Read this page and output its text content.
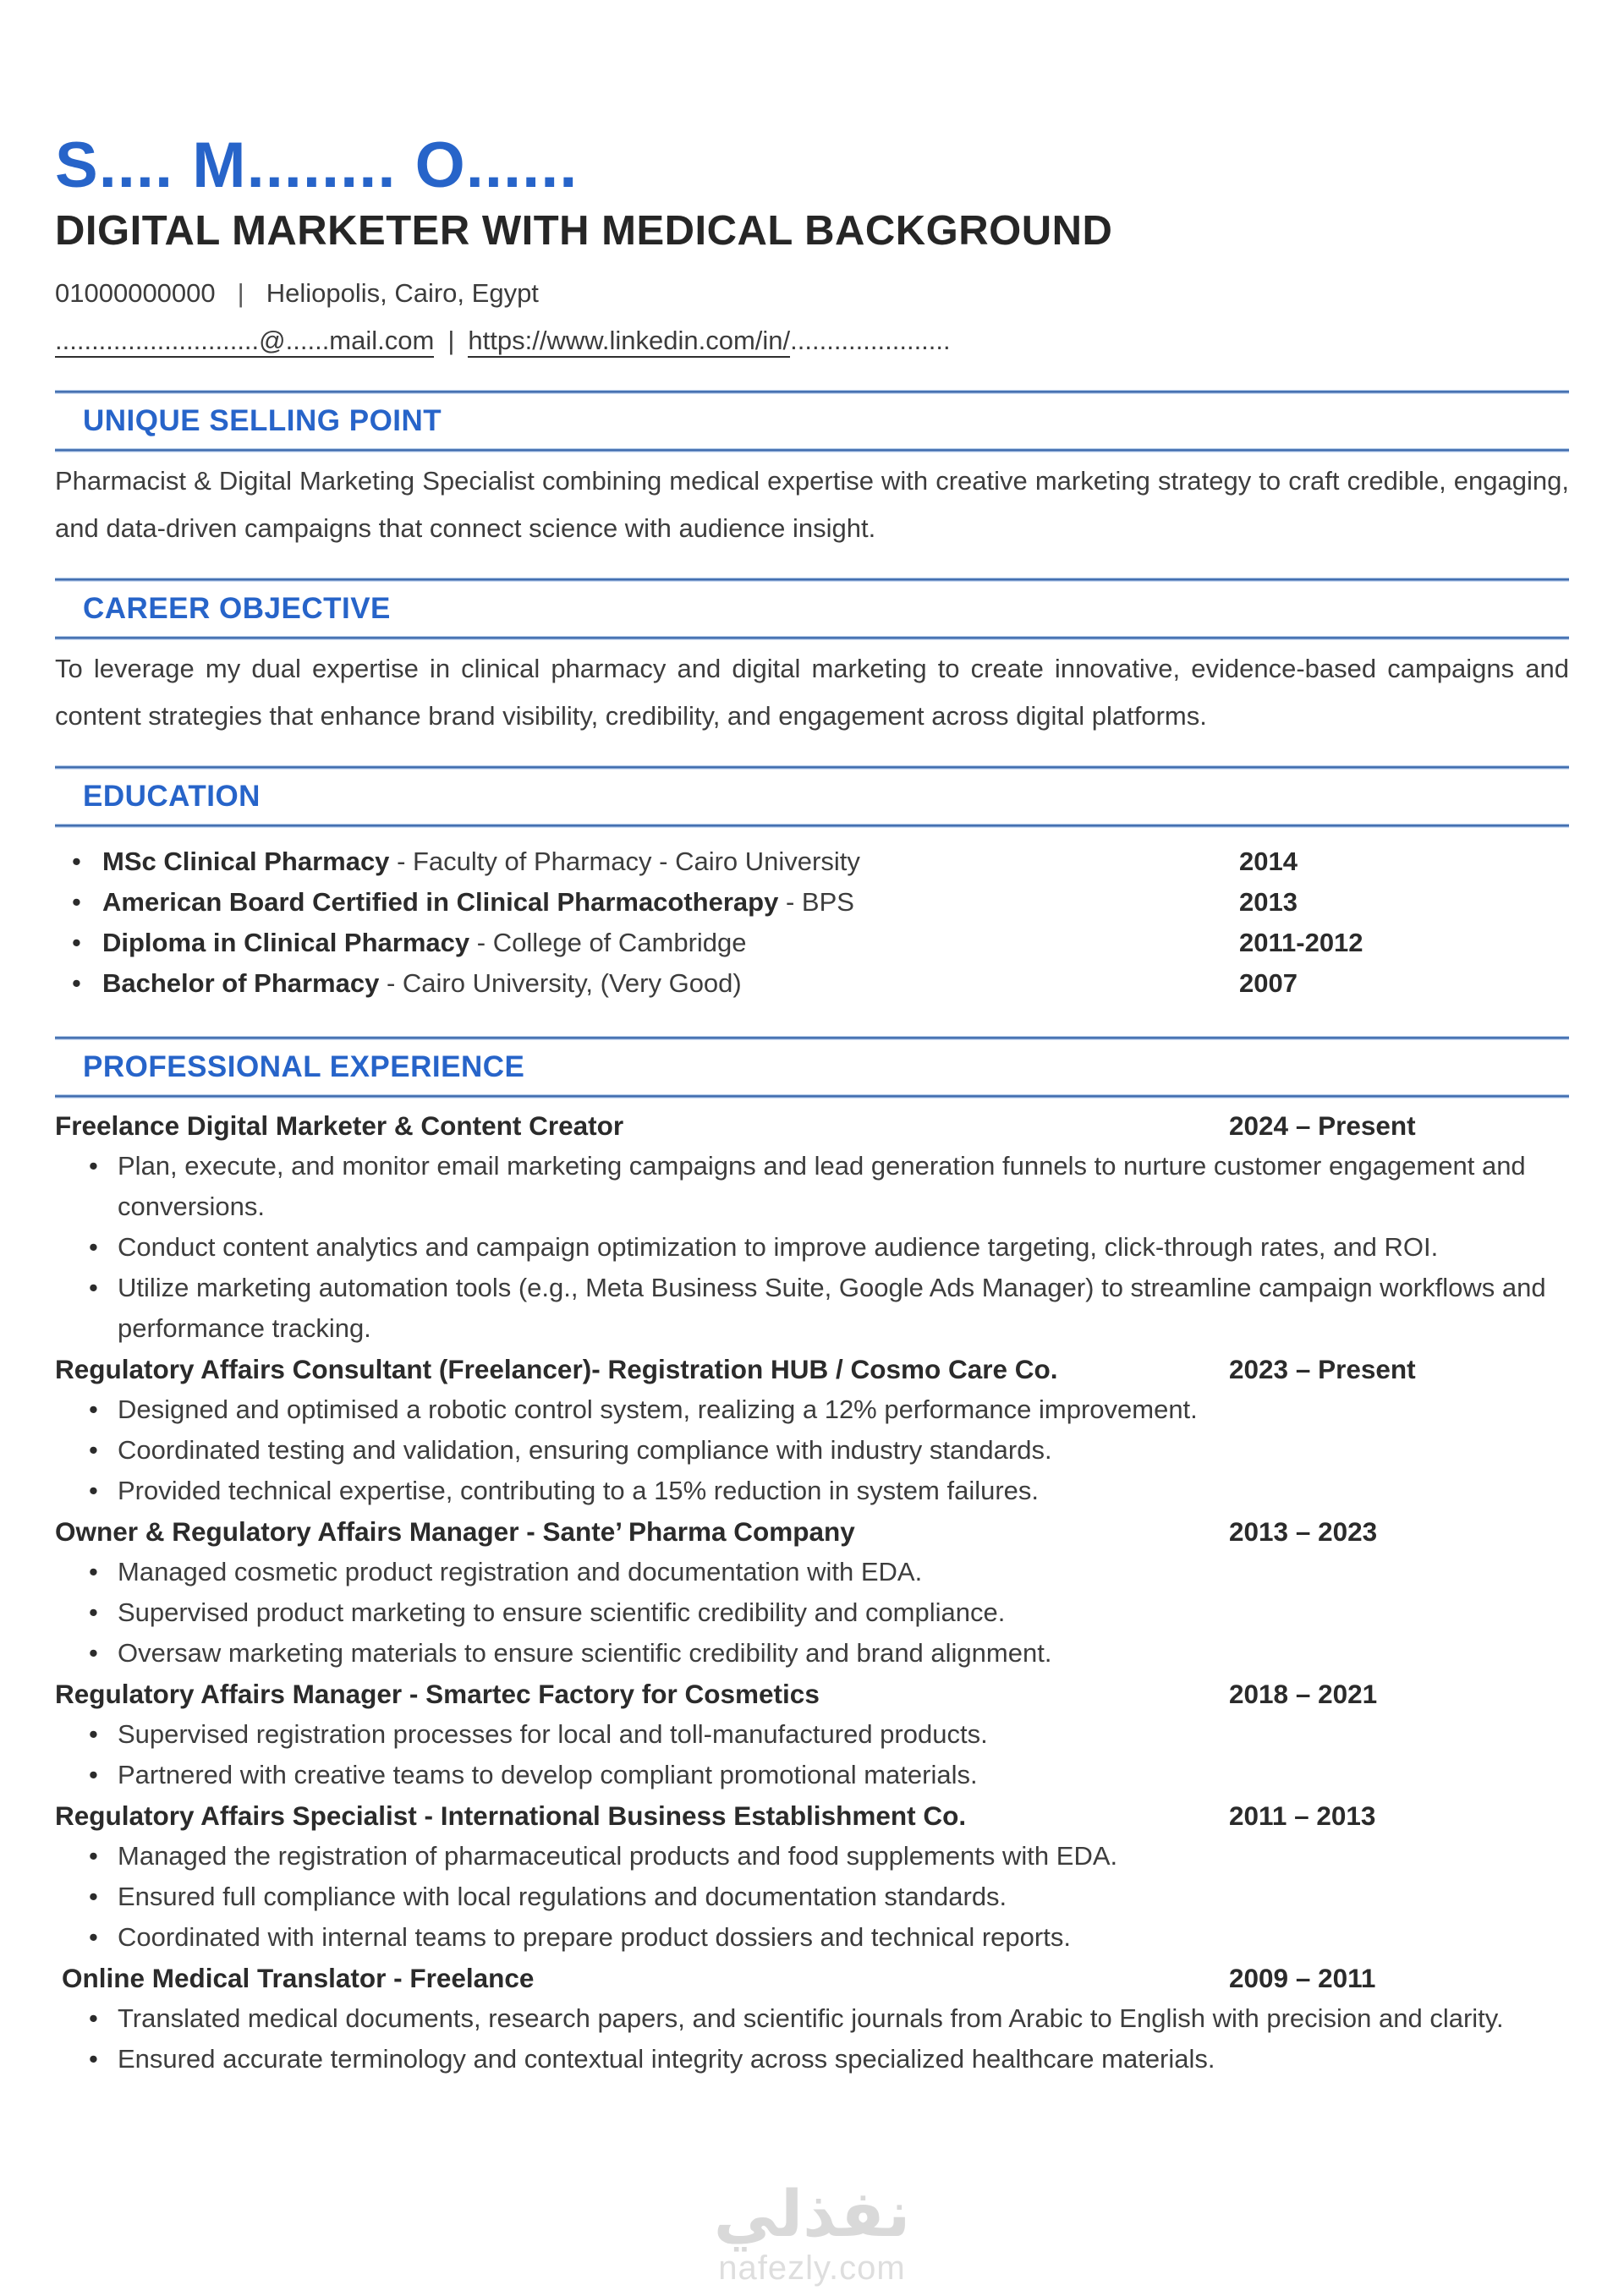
S.... M........ O......
DIGITAL MARKETER WITH MEDICAL BACKGROUND
01000000000 | Heliopolis, Cairo, Egypt
............................@......mail.com | https://www.linkedin.com/in/......................
UNIQUE SELLING POINT

Pharmacist & Digital Marketing Specialist combining medical expertise with creative marketing strategy to craft credible, engaging, and data-driven campaigns that connect science with audience insight.

CAREER OBJECTIVE

To leverage my dual expertise in clinical pharmacy and digital marketing to create innovative, evidence-based campaigns and content strategies that enhance brand visibility, credibility, and engagement across digital platforms.

EDUCATION
• MSc Clinical Pharmacy - Faculty of Pharmacy - Cairo University	2014
• American Board Certified in Clinical Pharmacotherapy - BPS	2013
• Diploma in Clinical Pharmacy - College of Cambridge	2011-2012
• Bachelor of Pharmacy - Cairo University, (Very Good)	2007
PROFESSIONAL EXPERIENCE
Freelance Digital Marketer & Content Creator	2024 – Present
• Plan, execute, and monitor email marketing campaigns and lead generation funnels to nurture customer engagement and conversions.
• Conduct content analytics and campaign optimization to improve audience targeting, click-through rates, and ROI.
• Utilize marketing automation tools (e.g., Meta Business Suite, Google Ads Manager) to streamline campaign workflows and performance tracking.
Regulatory Affairs Consultant (Freelancer)- Registration HUB / Cosmo Care Co.	2023 – Present
• Designed and optimised a robotic control system, realizing a 12% performance improvement.
• Coordinated testing and validation, ensuring compliance with industry standards.
• Provided technical expertise, contributing to a 15% reduction in system failures.
Owner & Regulatory Affairs Manager - Sante’ Pharma Company	2013 – 2023
• Managed cosmetic product registration and documentation with EDA.
• Supervised product marketing to ensure scientific credibility and compliance.
• Oversaw marketing materials to ensure scientific credibility and brand alignment.
Regulatory Affairs Manager - Smartec Factory for Cosmetics	2018 – 2021
• Supervised registration processes for local and toll-manufactured products.
• Partnered with creative teams to develop compliant promotional materials.
Regulatory Affairs Specialist - International Business Establishment Co.	2011 – 2013
• Managed the registration of pharmaceutical products and food supplements with EDA.
• Ensured full compliance with local regulations and documentation standards.
• Coordinated with internal teams to prepare product dossiers and technical reports.
Online Medical Translator - Freelance	2009 – 2011
• Translated medical documents, research papers, and scientific journals from Arabic to English with precision and clarity.
• Ensured accurate terminology and contextual integrity across specialized healthcare materials.
نفذلي
nafezly.com
